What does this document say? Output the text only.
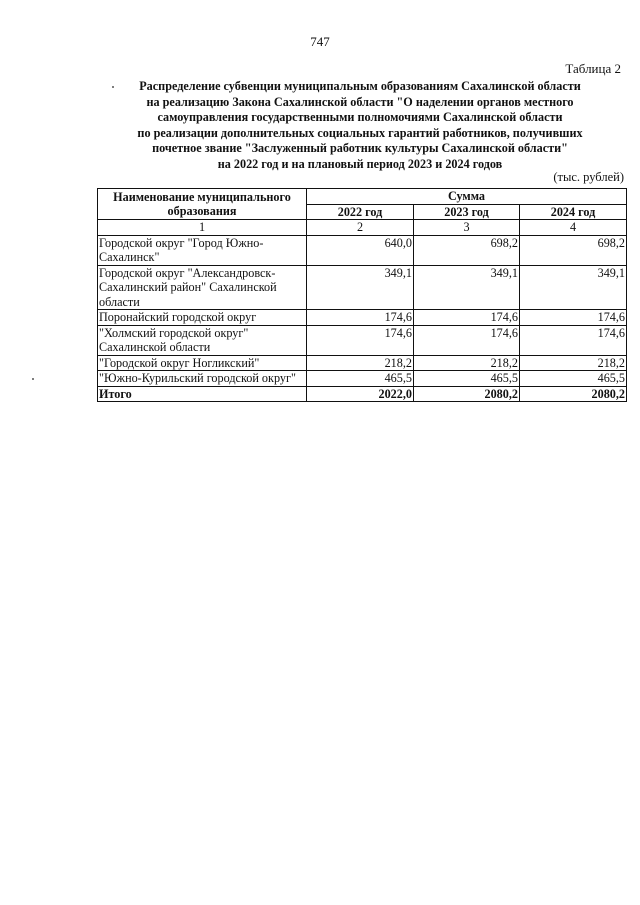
747
Таблица 2
Распределение субвенции муниципальным образованиям Сахалинской области
на реализацию Закона Сахалинской области "О наделении органов местного
самоуправления государственными полномочиями Сахалинской области
по реализации дополнительных социальных гарантий работников, получивших
почетное звание "Заслуженный работник культуры Сахалинской области"
на 2022 год и на плановый период 2023 и 2024 годов
(тыс. рублей)
Наименование муниципального образования	Сумма		
	2022 год	2023 год	2024 год
1	2	3	4
Городской округ "Город Южно-Сахалинск"	640,0	698,2	698,2
Городской округ "Александровск-Сахалинский район" Сахалинской области	349,1	349,1	349,1
Поронайский городской округ	174,6	174,6	174,6
"Холмский городской округ" Сахалинской области	174,6	174,6	174,6
"Городской округ Ногликский"	218,2	218,2	218,2
"Южно-Курильский городской округ"	465,5	465,5	465,5
Итого	2022,0	2080,2	2080,2
